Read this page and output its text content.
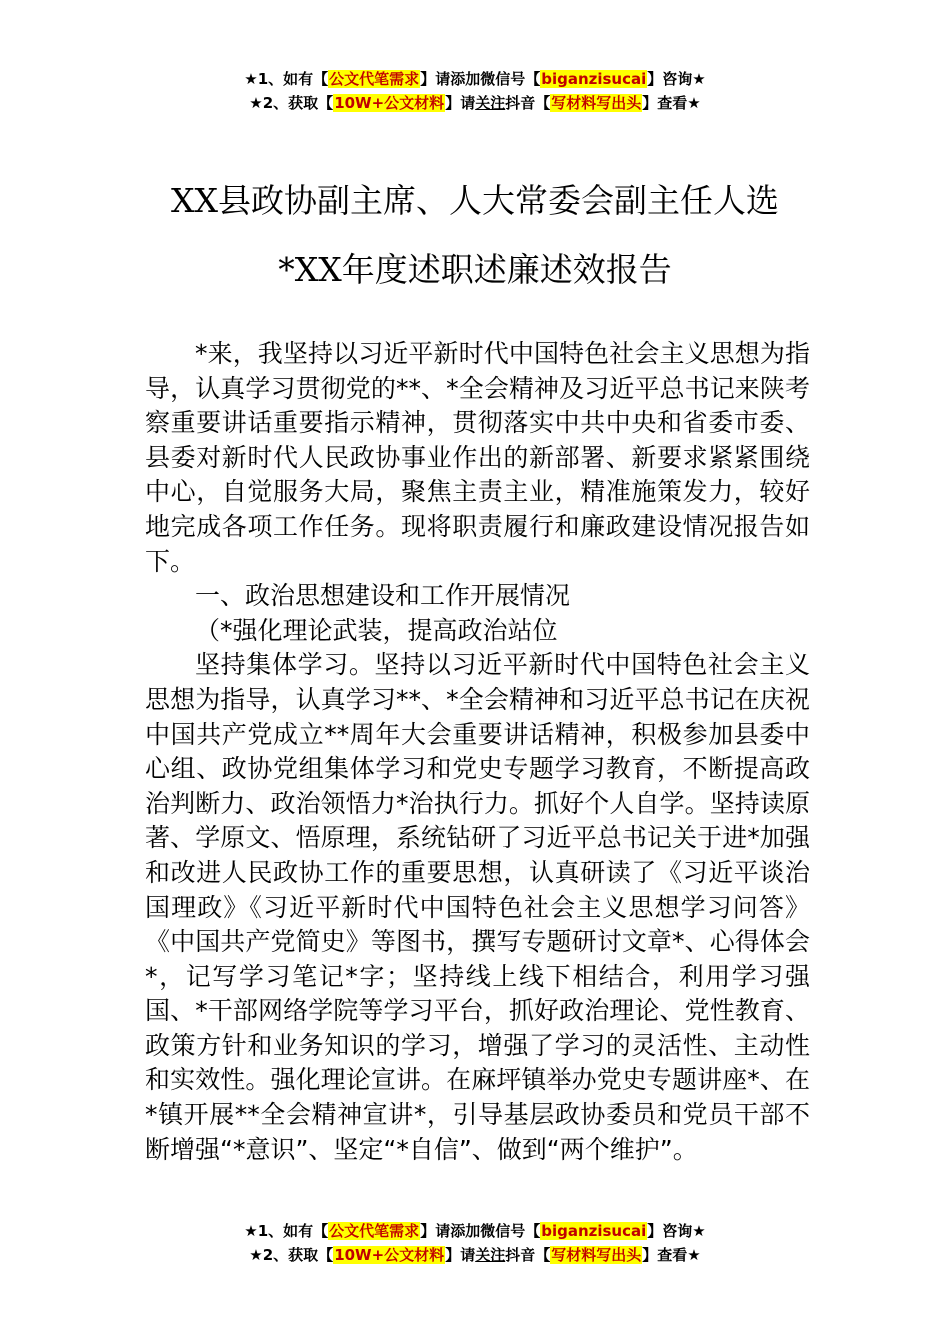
★1、如有【公文代笔需求】请添加微信号【biganzisucai】咨询★
★2、获取【10W+公文材料】请关注抖音【写材料写出头】查看★
XX县政协副主席、人大常委会副主任人选
*XX年度述职述廉述效报告

*来，我坚持以习近平新时代中国特色社会主义思想为指导，认真学习贯彻党的**、*全会精神及习近平总书记来陕考察重要讲话重要指示精神，贯彻落实中共中央和省委市委、县委对新时代人民政协事业作出的新部署、新要求紧紧围绕中心，自觉服务大局，聚焦主责主业，精准施策发力，较好地完成各项工作任务。现将职责履行和廉政建设情况报告如下。

一、政治思想建设和工作开展情况

（*强化理论武装，提高政治站位

坚持集体学习。坚持以习近平新时代中国特色社会主义思想为指导，认真学习**、*全会精神和习近平总书记在庆祝中国共产党成立**周年大会重要讲话精神，积极参加县委中心组、政协党组集体学习和党史专题学习教育，不断提高政治判断力、政治领悟力*治执行力。抓好个人自学。坚持读原著、学原文、悟原理，系统钻研了习近平总书记关于进*加强和改进人民政协工作的重要思想，认真研读了《习近平谈治国理政》《习近平新时代中国特色社会主义思想学习问答》《中国共产党简史》等图书，撰写专题研讨文章*、心得体会*，记写学习笔记*字；坚持线上线下相结合，利用学习强国、*干部网络学院等学习平台，抓好政治理论、党性教育、政策方针和业务知识的学习，增强了学习的灵活性、主动性和实效性。强化理论宣讲。在麻坪镇举办党史专题讲座*、在*镇开展**全会精神宣讲*，引导基层政协委员和党员干部不断增强“*意识”、坚定“*自信”、做到“两个维护”。

★1、如有【公文代笔需求】请添加微信号【biganzisucai】咨询★
★2、获取【10W+公文材料】请关注抖音【写材料写出头】查看★
